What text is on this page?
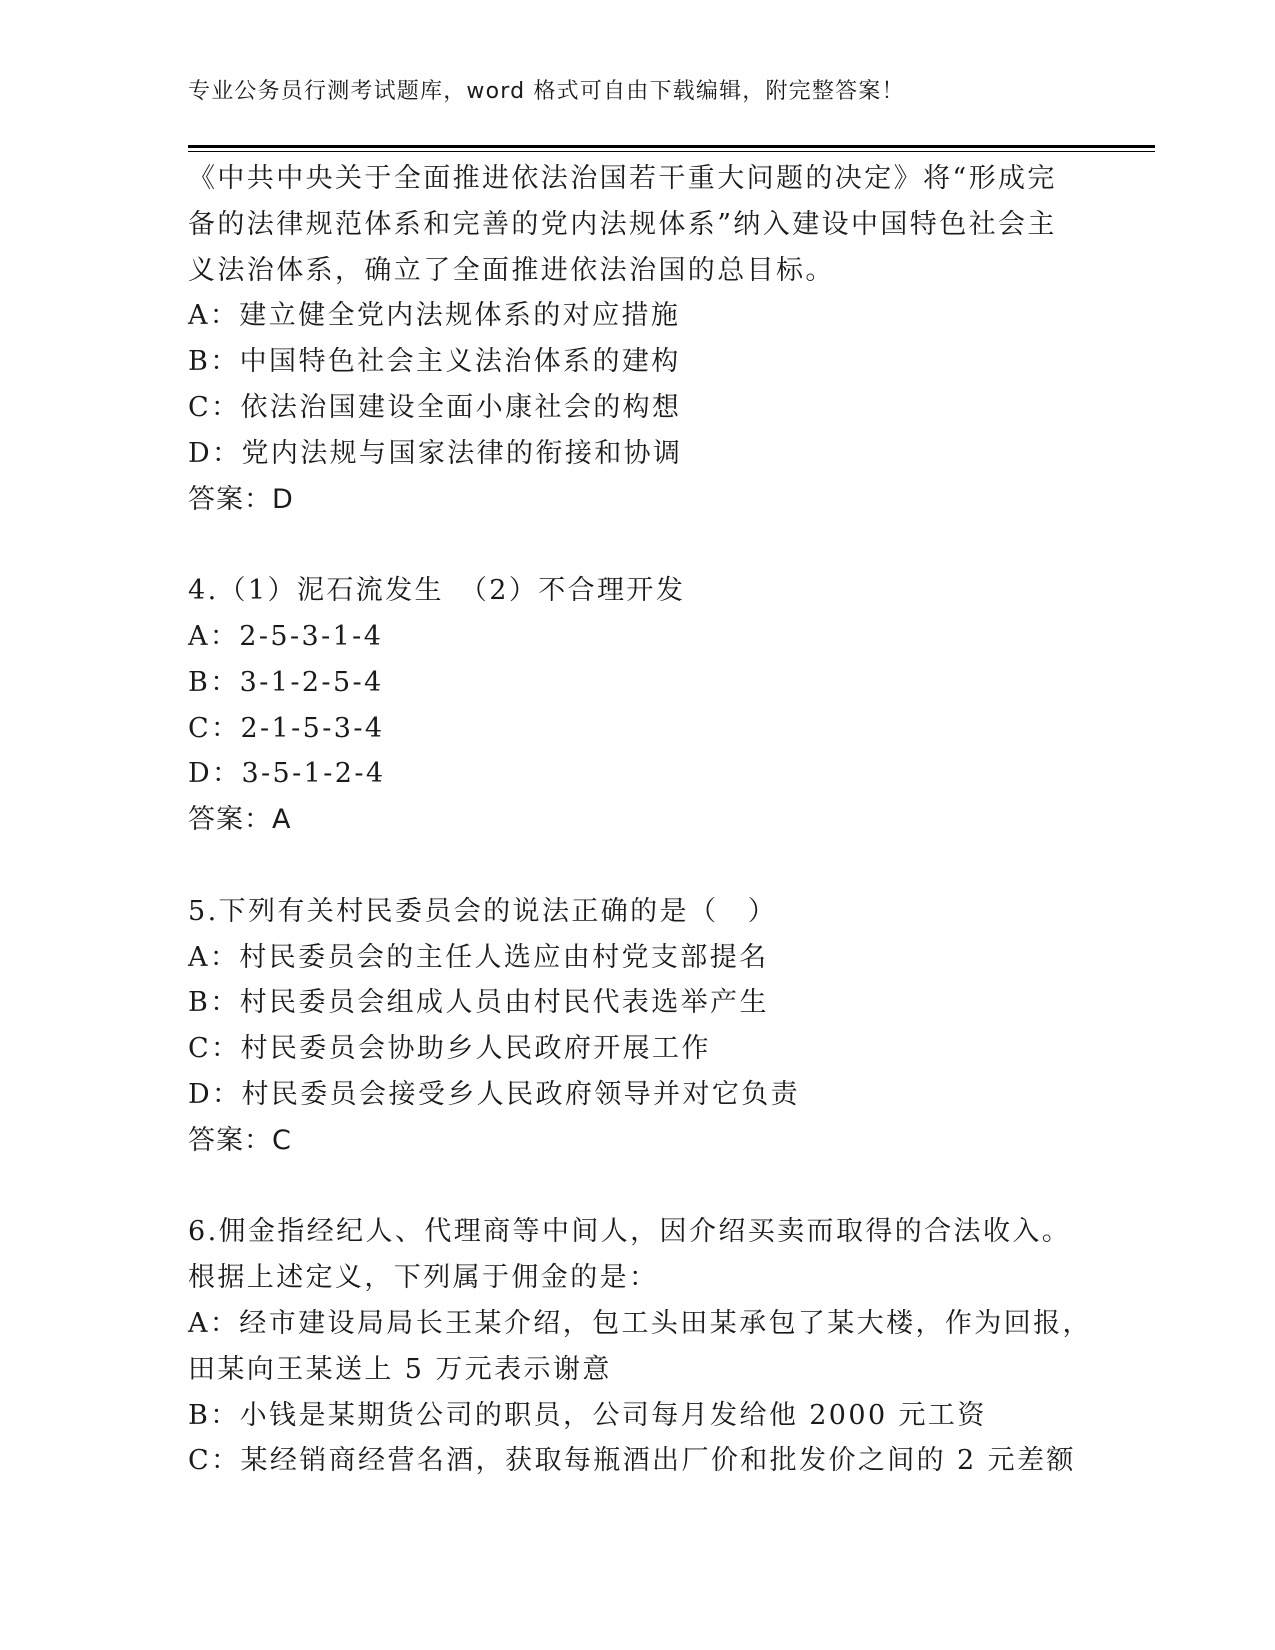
专业公务员行测考试题库，word 格式可自由下载编辑，附完整答案！
《中共中央关于全面推进依法治国若干重大问题的决定》将“形成完
备的法律规范体系和完善的党内法规体系”纳入建设中国特色社会主
义法治体系，确立了全面推进依法治国的总目标。
A：建立健全党内法规体系的对应措施
B：中国特色社会主义法治体系的建构
C：依法治国建设全面小康社会的构想
D：党内法规与国家法律的衔接和协调
答案：D
4.（1）泥石流发生　（2）不合理开发
A：2-5-3-1-4
B：3-1-2-5-4
C：2-1-5-3-4
D：3-5-1-2-4
答案：A
5.下列有关村民委员会的说法正确的是（　）
A：村民委员会的主任人选应由村党支部提名
B：村民委员会组成人员由村民代表选举产生
C：村民委员会协助乡人民政府开展工作
D：村民委员会接受乡人民政府领导并对它负责
答案：C
6.佣金指经纪人、代理商等中间人，因介绍买卖而取得的合法收入。
根据上述定义，下列属于佣金的是：
A：经市建设局局长王某介绍，包工头田某承包了某大楼，作为回报，
田某向王某送上 5 万元表示谢意
B：小钱是某期货公司的职员，公司每月发给他 2000 元工资
C：某经销商经营名酒，获取每瓶酒出厂价和批发价之间的 2 元差额
